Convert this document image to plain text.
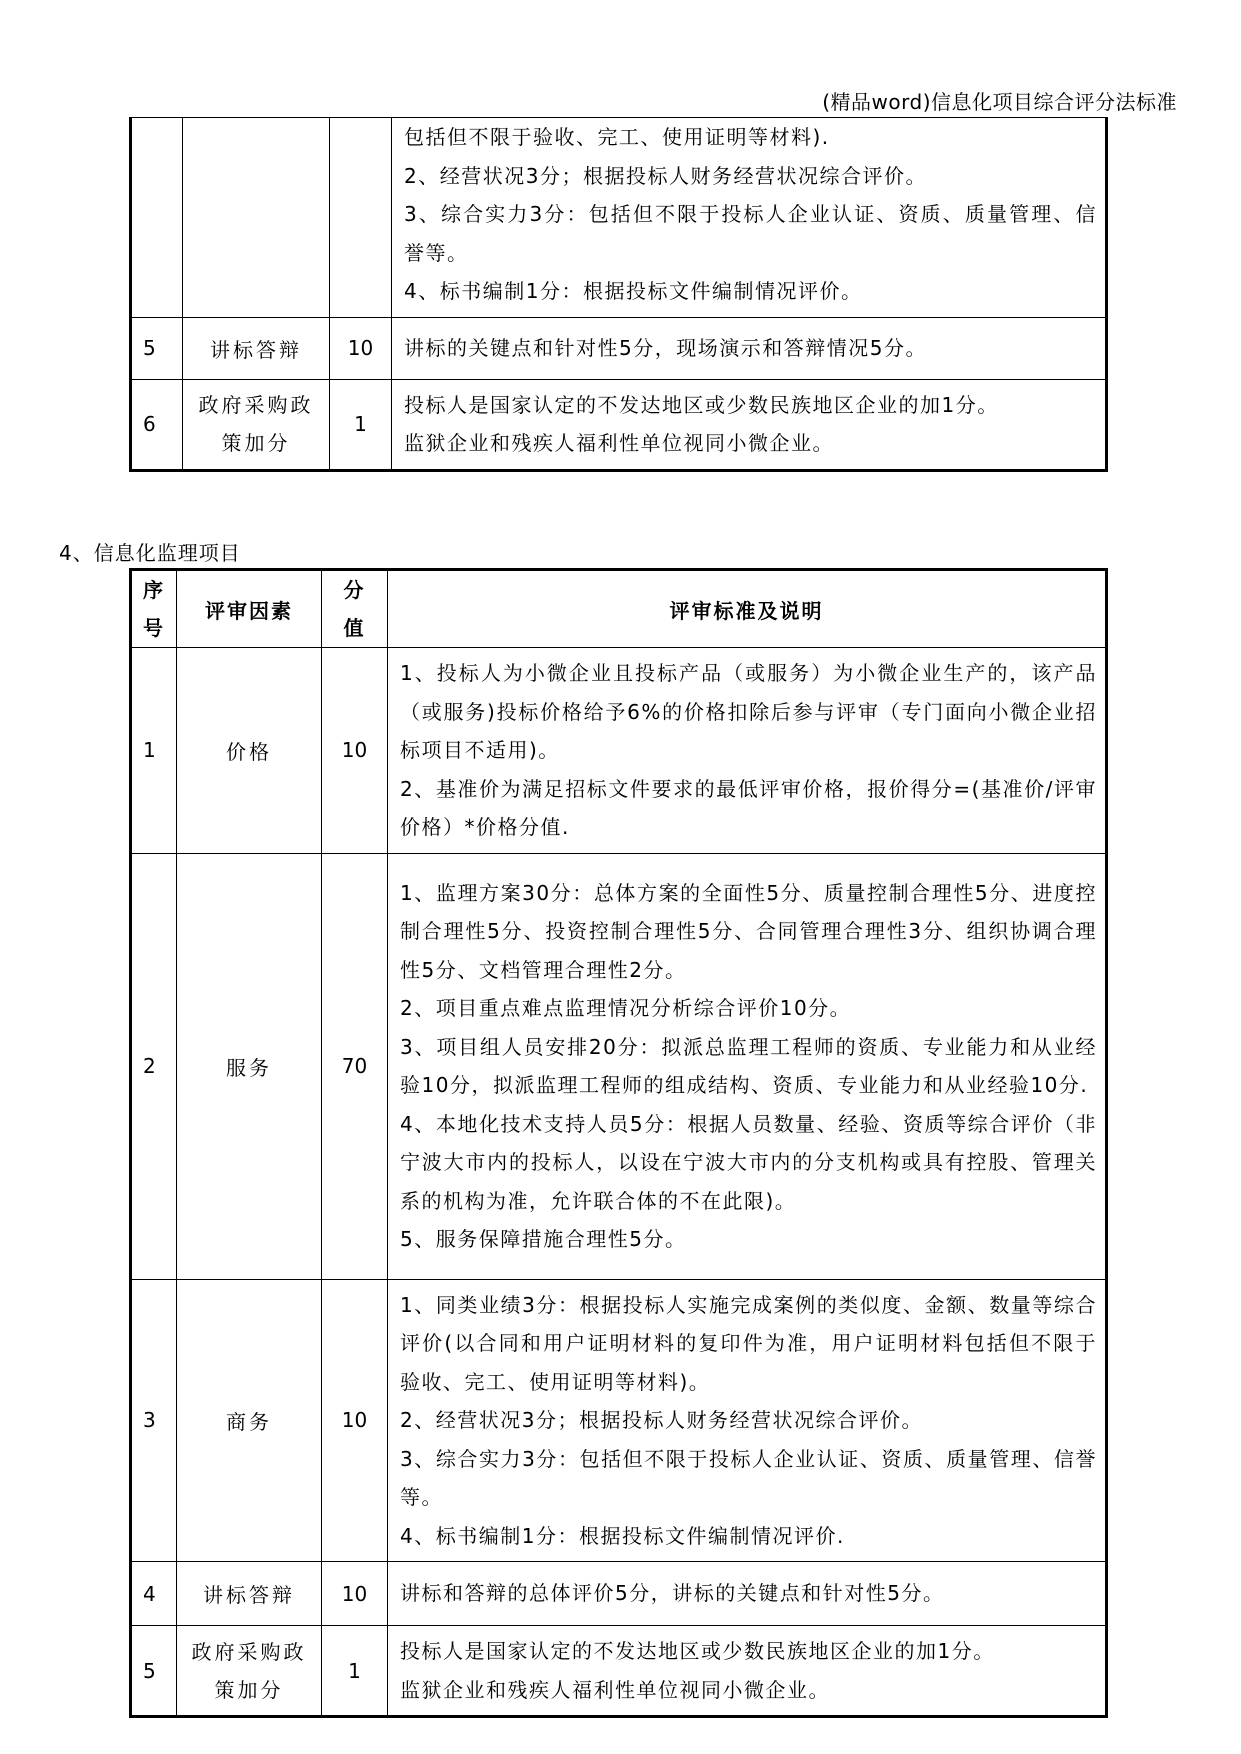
(精品word)信息化项目综合评分法标准

			包括但不限于验收、完工、使用证明等材料).
2、经营状况3分；根据投标人财务经营状况综合评价。
3、综合实力3分：包括但不限于投标人企业认证、资质、质量管理、信誉等。
4、标书编制1分：根据投标文件编制情况评价。

5	讲标答辩	10	讲标的关键点和针对性5分，现场演示和答辩情况5分。

6	政府采购政策加分	1	投标人是国家认定的不发达地区或少数民族地区企业的加1分。
监狱企业和残疾人福利性单位视同小微企业。
4、信息化监理项目
序号	评审因素	分值	评审标准及说明
1	价格	10	1、投标人为小微企业且投标产品（或服务）为小微企业生产的，该产品（或服务)投标价格给予6%的价格扣除后参与评审（专门面向小微企业招标项目不适用)。
2、基准价为满足招标文件要求的最低评审价格，报价得分=(基准价/评审价格）*价格分值.

2	服务	70	1、监理方案30分：总体方案的全面性5分、质量控制合理性5分、进度控制合理性5分、投资控制合理性5分、合同管理合理性3分、组织协调合理性5分、文档管理合理性2分。
2、项目重点难点监理情况分析综合评价10分。
3、项目组人员安排20分：拟派总监理工程师的资质、专业能力和从业经验10分，拟派监理工程师的组成结构、资质、专业能力和从业经验10分.
4、本地化技术支持人员5分：根据人员数量、经验、资质等综合评价（非宁波大市内的投标人，以设在宁波大市内的分支机构或具有控股、管理关系的机构为准，允许联合体的不在此限)。
5、服务保障措施合理性5分。

3	商务	10	1、同类业绩3分：根据投标人实施完成案例的类似度、金额、数量等综合评价(以合同和用户证明材料的复印件为准，用户证明材料包括但不限于验收、完工、使用证明等材料)。
2、经营状况3分；根据投标人财务经营状况综合评价。
3、综合实力3分：包括但不限于投标人企业认证、资质、质量管理、信誉等。
4、标书编制1分：根据投标文件编制情况评价.

4	讲标答辩	10	讲标和答辩的总体评价5分，讲标的关键点和针对性5分。

5	政府采购政策加分	1	投标人是国家认定的不发达地区或少数民族地区企业的加1分。
监狱企业和残疾人福利性单位视同小微企业。
